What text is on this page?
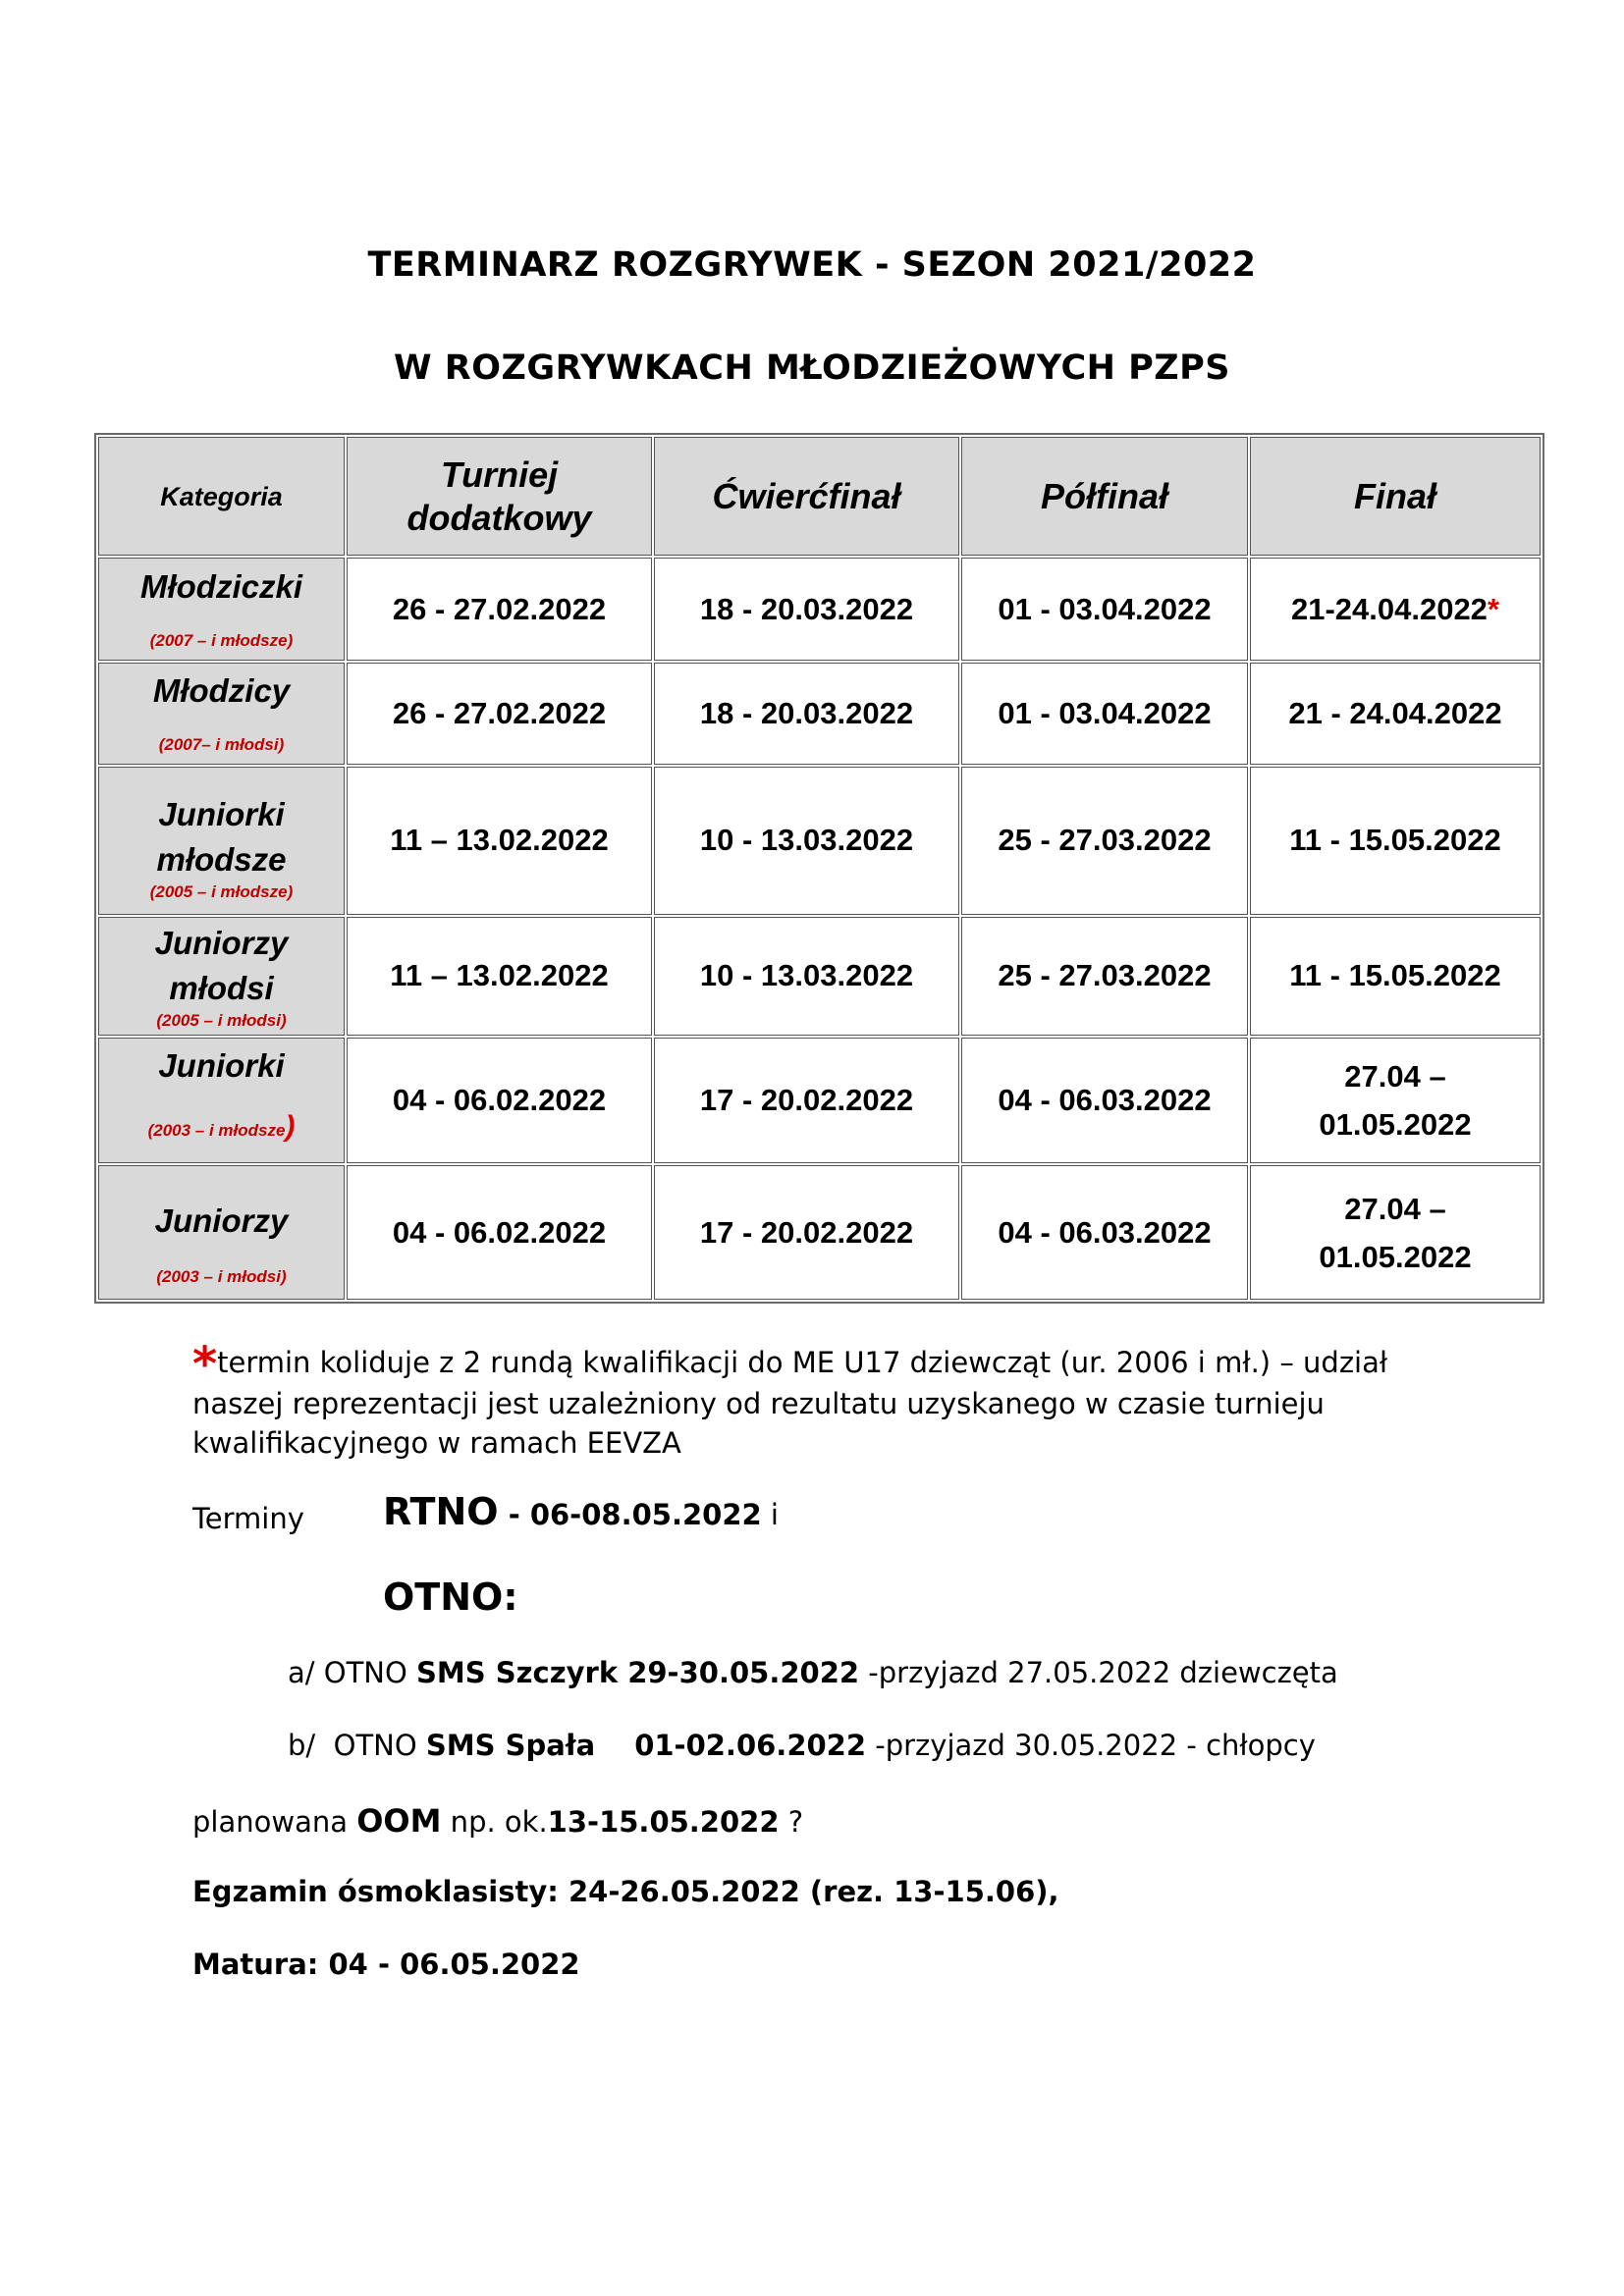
TERMINARZ ROZGRYWEK - SEZON 2021/2022
W ROZGRYWKACH MŁODZIEŻOWYCH PZPS
Kategoria	Turniej dodatkowy	Ćwierćfinał	Półfinał	Finał

Młodziczki
(2007 – i młodsze)	26 - 27.02.2022	18 - 20.03.2022	01 - 03.04.2022	21-24.04.2022*

Młodzicy
(2007– i młodsi)	26 - 27.02.2022	18 - 20.03.2022	01 - 03.04.2022	21 - 24.04.2022

Juniorki młodsze
(2005 – i młodsze)	11 – 13.02.2022	10 - 13.03.2022	25 - 27.03.2022	11 - 15.05.2022

Juniorzy młodsi
(2005 – i młodsi)	11 – 13.02.2022	10 - 13.03.2022	25 - 27.03.2022	11 - 15.05.2022

Juniorki
(2003 – i młodsze)	04 - 06.02.2022	17 - 20.02.2022	04 - 06.03.2022	27.04 –
01.05.2022

Juniorzy
(2003 – i młodsi)	04 - 06.02.2022	17 - 20.02.2022	04 - 06.03.2022	27.04 –
01.05.2022
*termin koliduje z 2 rundą kwalifikacji do ME U17 dziewcząt (ur. 2006 i mł.) – udział naszej reprezentacji jest uzależniony od rezultatu uzyskanego w czasie turnieju kwalifikacyjnego w ramach EEVZA
Terminy RTNO - 06-08.05.2022 i
OTNO:
a/ OTNO SMS Szczyrk 29-30.05.2022 -przyjazd 27.05.2022 dziewczęta
b/  OTNO SMS Spała 01-02.06.2022 -przyjazd 30.05.2022 - chłopcy
planowana OOM np. ok.13-15.05.2022 ?
Egzamin ósmoklasisty: 24-26.05.2022 (rez. 13-15.06),
Matura: 04 - 06.05.2022
